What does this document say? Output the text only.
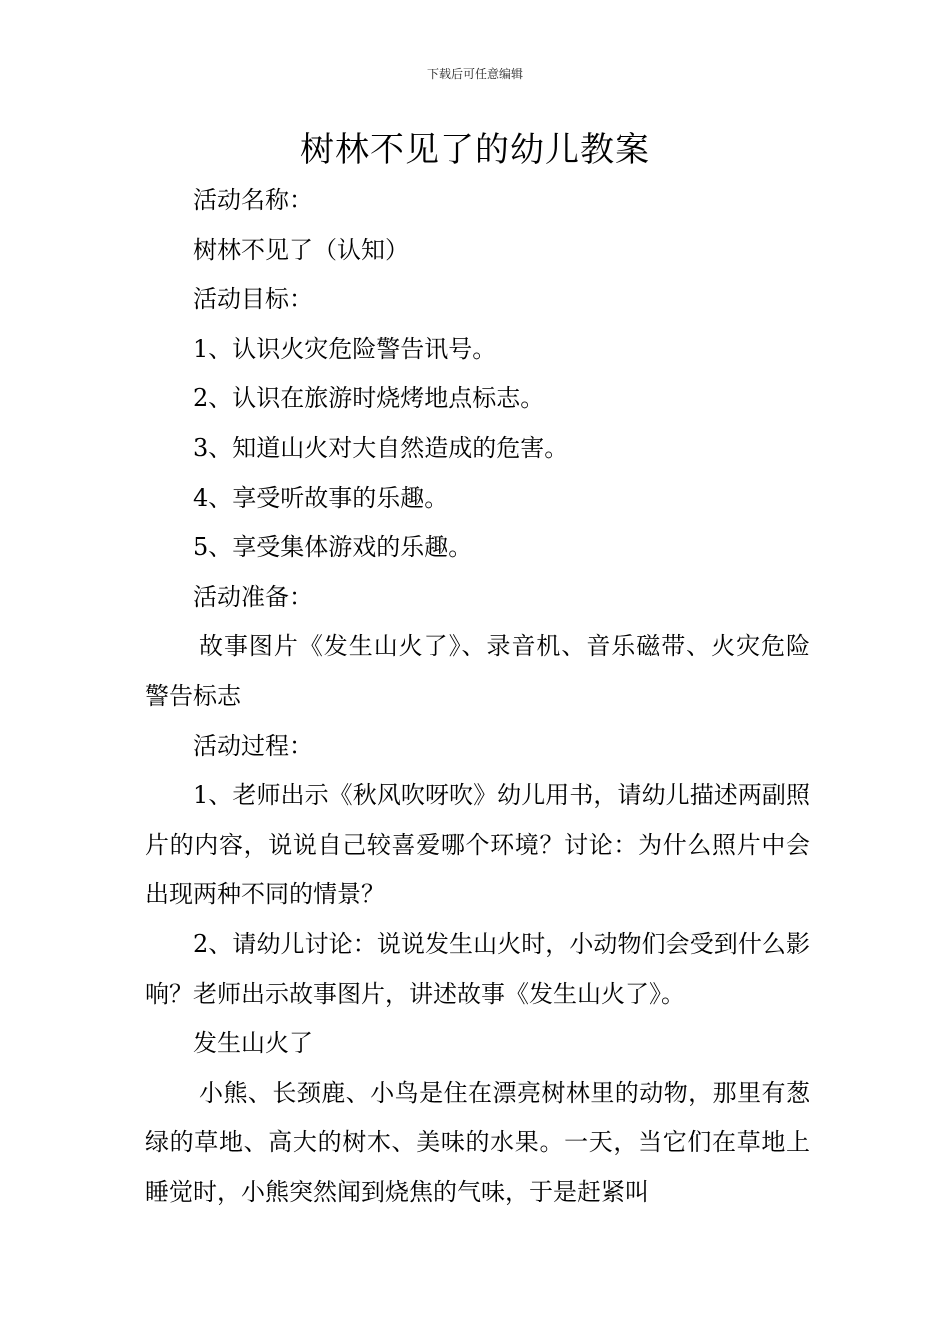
下载后可任意编辑
树林不见了的幼儿教案

活动名称：

树林不见了（认知）

活动目标：

1、认识火灾危险警告讯号。

2、认识在旅游时烧烤地点标志。

3、知道山火对大自然造成的危害。

4、享受听故事的乐趣。

5、享受集体游戏的乐趣。

活动准备：

故事图片《发生山火了》、录音机、音乐磁带、火灾危险警告标志

活动过程：

1、老师出示《秋风吹呀吹》幼儿用书，请幼儿描述两副照片的内容，说说自己较喜爱哪个环境？讨论：为什么照片中会出现两种不同的情景？

2、请幼儿讨论：说说发生山火时，小动物们会受到什么影响？老师出示故事图片，讲述故事《发生山火了》。

发生山火了

小熊、长颈鹿、小鸟是住在漂亮树林里的动物，那里有葱绿的草地、高大的树木、美味的水果。一天，当它们在草地上睡觉时，小熊突然闻到烧焦的气味，于是赶紧叫
